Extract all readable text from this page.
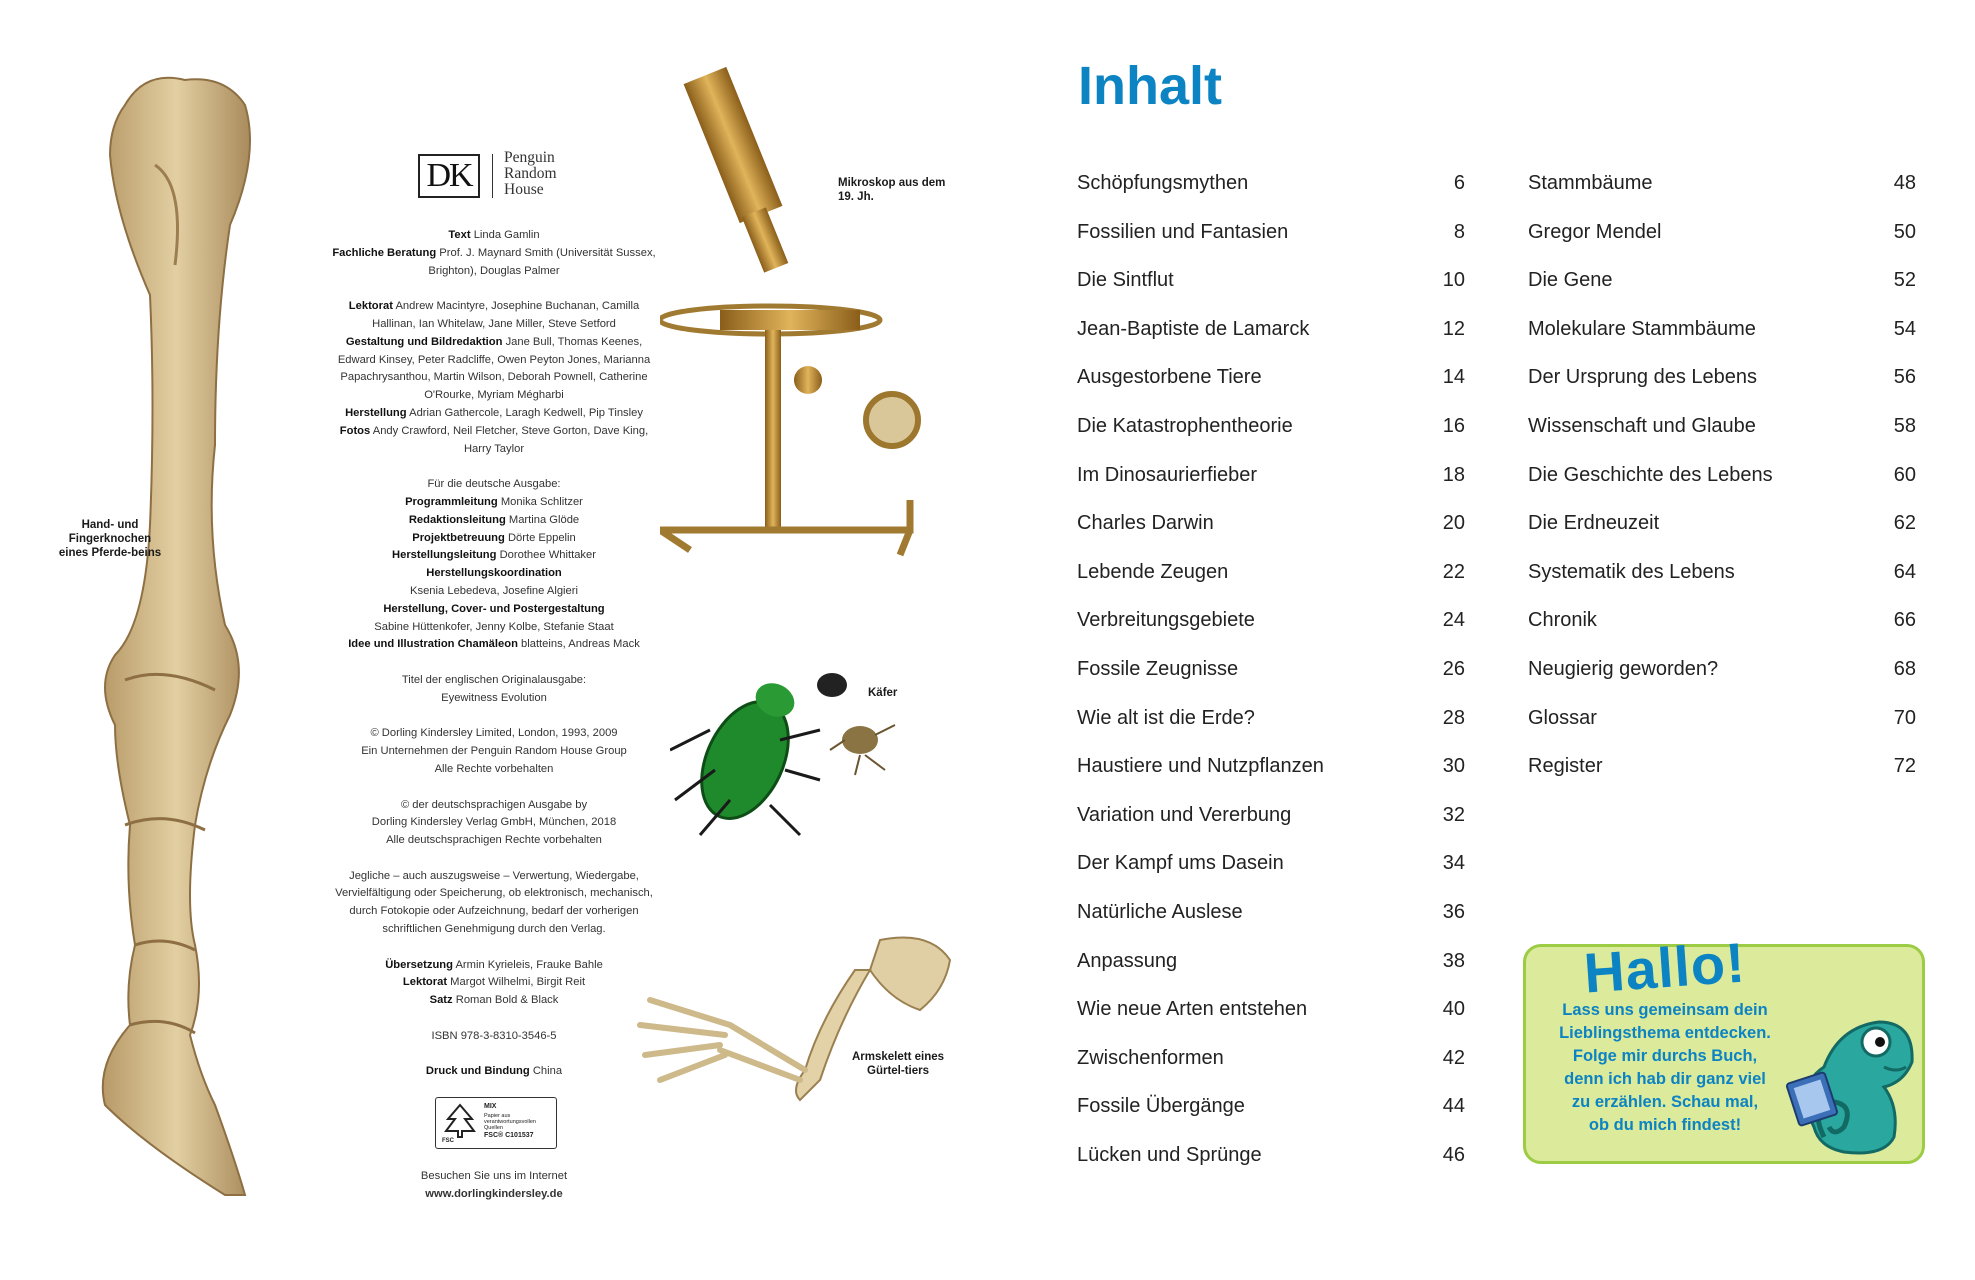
Hand- und Fingerknochen eines Pferde-beins
DK	Penguin
Random
House

Text Linda Gamlin
Fachliche Beratung Prof. J. Maynard Smith (Universität Sussex, Brighton), Douglas Palmer

Lektorat Andrew Macintyre, Josephine Buchanan, Camilla Hallinan, Ian Whitelaw, Jane Miller, Steve Setford
Gestaltung und Bildredaktion Jane Bull, Thomas Keenes, Edward Kinsey, Peter Radcliffe, Owen Peyton Jones, Marianna Papachrysanthou, Martin Wilson, Deborah Pownell, Catherine O'Rourke, Myriam Mégharbi
Herstellung Adrian Gathercole, Laragh Kedwell, Pip Tinsley
Fotos Andy Crawford, Neil Fletcher, Steve Gorton, Dave King, Harry Taylor

Für die deutsche Ausgabe:
Programmleitung Monika Schlitzer
Redaktionsleitung Martina Glöde
Projektbetreuung Dörte Eppelin
Herstellungsleitung Dorothee Whittaker
Herstellungskoordination
Ksenia Lebedeva, Josefine Algieri
Herstellung, Cover- und Postergestaltung
Sabine Hüttenkofer, Jenny Kolbe, Stefanie Staat
Idee und Illustration Chamäleon blatteins, Andreas Mack

Titel der englischen Originalausgabe:
Eyewitness Evolution

© Dorling Kindersley Limited, London, 1993, 2009
Ein Unternehmen der Penguin Random House Group
Alle Rechte vorbehalten

© der deutschsprachigen Ausgabe by
Dorling Kindersley Verlag GmbH, München, 2018
Alle deutschsprachigen Rechte vorbehalten

Jegliche – auch auszugsweise – Verwertung, Wiedergabe, Vervielfältigung oder Speicherung, ob elektronisch, mechanisch, durch Fotokopie oder Aufzeichnung, bedarf der vorherigen schriftlichen Genehmigung durch den Verlag.

Übersetzung Armin Kyrieleis, Frauke Bahle
Lektorat Margot Wilhelmi, Birgit Reit
Satz Roman Bold & Black

ISBN 978-3-8310-3546-5

Druck und Bindung China

MIX
Papier aus verantwortungsvollen Quellen
FSC® C101537
FSC
Besuchen Sie uns im Internet
www.dorlingkindersley.de
Mikroskop aus dem 19. Jh.
Käfer
Armskelett eines Gürtel-tiers
Inhalt
Schöpfungsmythen	6
Fossilien und Fantasien	8
Die Sintflut	10
Jean-Baptiste de Lamarck	12
Ausgestorbene Tiere	14
Die Katastrophentheorie	16
Im Dinosaurierfieber	18
Charles Darwin	20
Lebende Zeugen	22
Verbreitungsgebiete	24
Fossile Zeugnisse	26
Wie alt ist die Erde?	28
Haustiere und Nutzpflanzen	30
Variation und Vererbung	32
Der Kampf ums Dasein	34
Natürliche Auslese	36
Anpassung	38
Wie neue Arten entstehen	40
Zwischenformen	42
Fossile Übergänge	44
Lücken und Sprünge	46
Stammbäume	48
Gregor Mendel	50
Die Gene	52
Molekulare Stammbäume	54
Der Ursprung des Lebens	56
Wissenschaft und Glaube	58
Die Geschichte des Lebens	60
Die Erdneuzeit	62
Systematik des Lebens	64
Chronik	66
Neugierig geworden?	68
Glossar	70
Register	72
Hallo!
Lass uns gemeinsam dein
Lieblingsthema entdecken.
Folge mir durchs Buch,
denn ich hab dir ganz viel
zu erzählen. Schau mal,
ob du mich findest!
